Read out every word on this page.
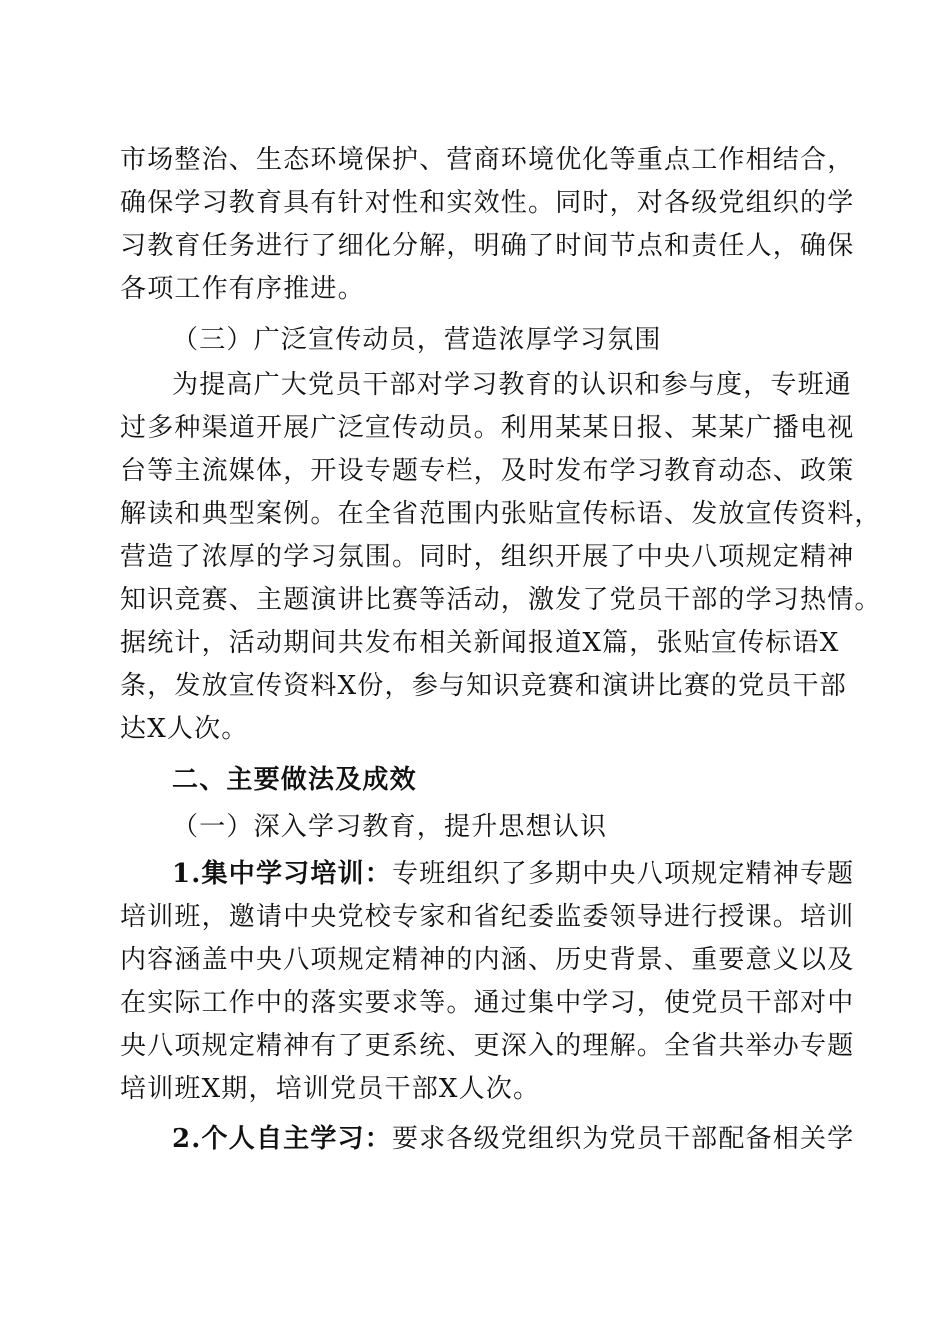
市场整治、生态环境保护、营商环境优化等重点工作相结合，
确保学习教育具有针对性和实效性。同时，对各级党组织的学
习教育任务进行了细化分解，明确了时间节点和责任人，确保
各项工作有序推进。
（三）广泛宣传动员，营造浓厚学习氛围
为提高广大党员干部对学习教育的认识和参与度，专班通
过多种渠道开展广泛宣传动员。利用某某日报、某某广播电视
台等主流媒体，开设专题专栏，及时发布学习教育动态、政策
解读和典型案例。在全省范围内张贴宣传标语、发放宣传资料，
营造了浓厚的学习氛围。同时，组织开展了中央八项规定精神
知识竞赛、主题演讲比赛等活动，激发了党员干部的学习热情。
据统计，活动期间共发布相关新闻报道X篇，张贴宣传标语X
条，发放宣传资料X份，参与知识竞赛和演讲比赛的党员干部
达X人次。
二、主要做法及成效
（一）深入学习教育，提升思想认识
1.集中学习培训：专班组织了多期中央八项规定精神专题
培训班，邀请中央党校专家和省纪委监委领导进行授课。培训
内容涵盖中央八项规定精神的内涵、历史背景、重要意义以及
在实际工作中的落实要求等。通过集中学习，使党员干部对中
央八项规定精神有了更系统、更深入的理解。全省共举办专题
培训班X期，培训党员干部X人次。
2.个人自主学习：要求各级党组织为党员干部配备相关学
